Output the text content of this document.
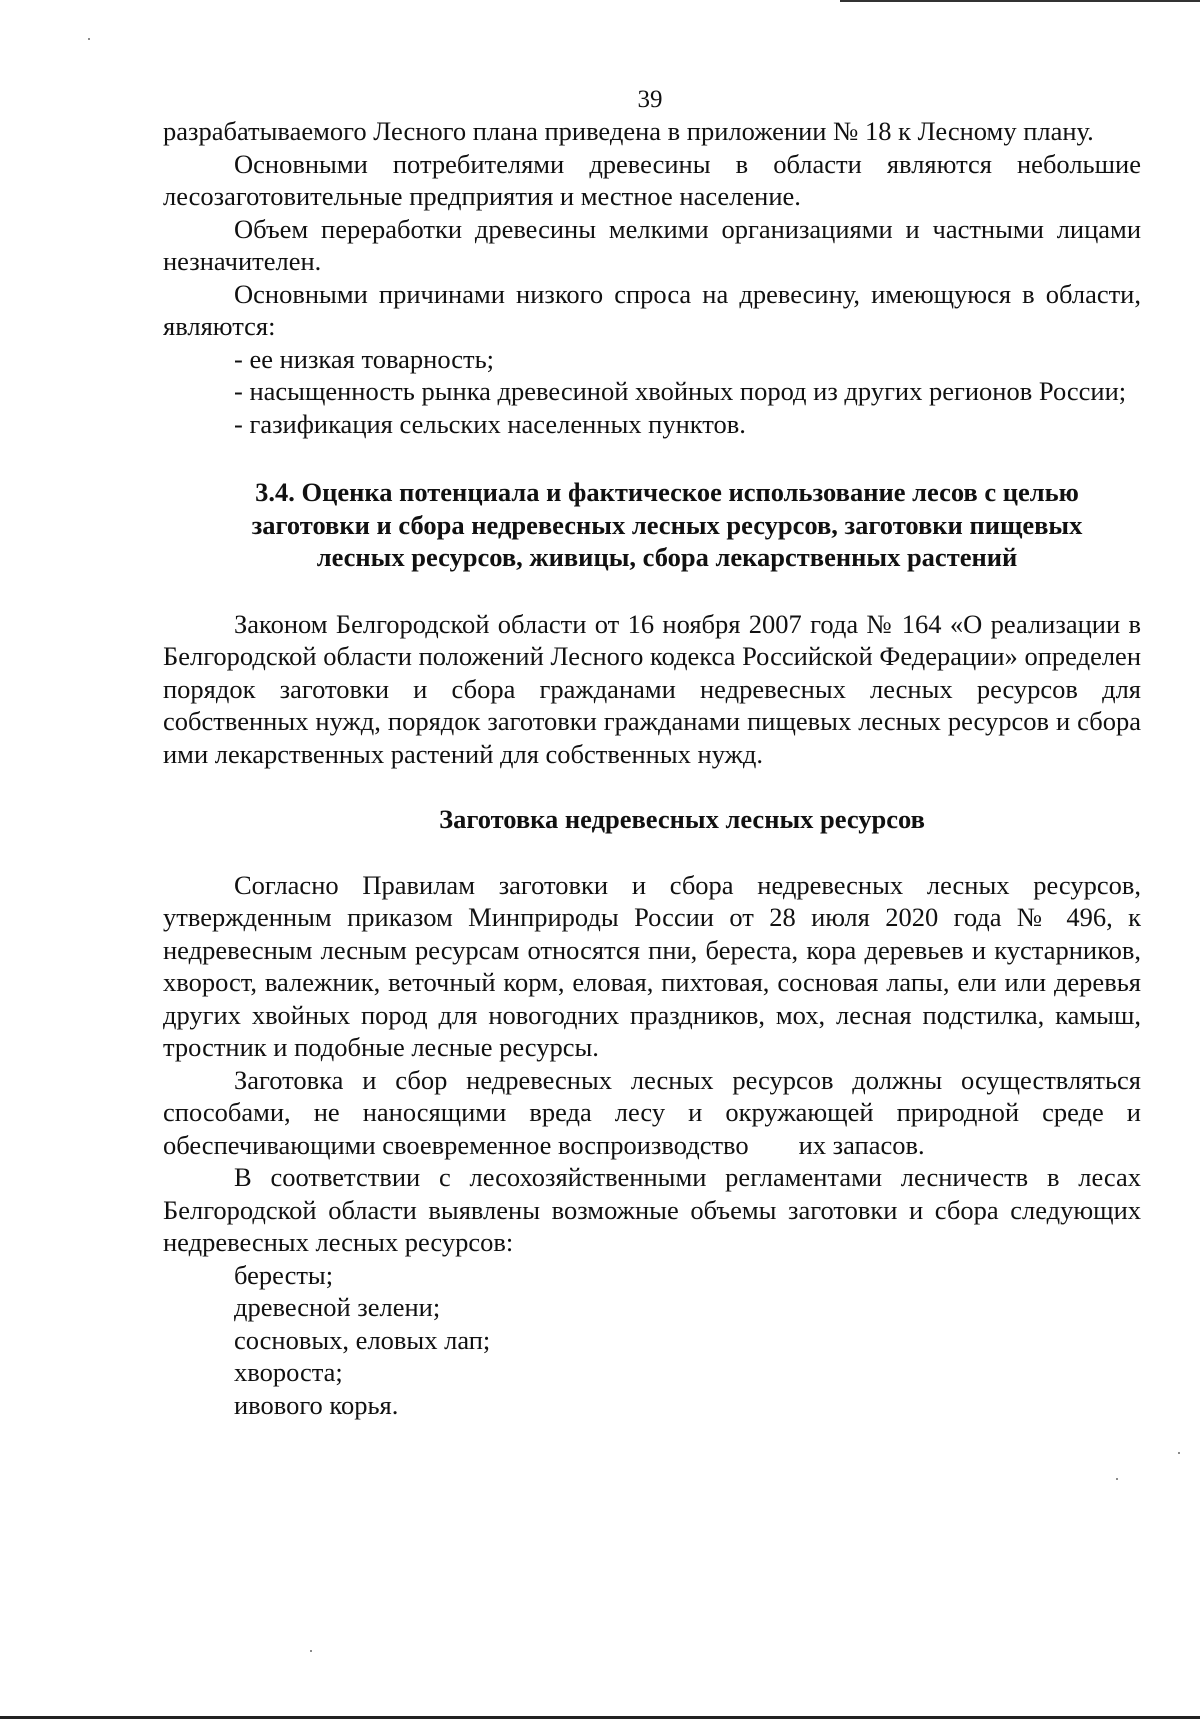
39

разрабатываемого Лесного плана приведена в приложении № 18 к Лесному плану.

Основными потребителями древесины в области являются небольшие лесозаготовительные предприятия и местное население.

Объем переработки древесины мелкими организациями и частными лицами незначителен.

Основными причинами низкого спроса на древесину, имеющуюся в области, являются:

- ее низкая товарность;

- насыщенность рынка древесиной хвойных пород из других регионов России;

- газификация сельских населенных пунктов.

3.4. Оценка потенциала и фактическое использование лесов с целью
заготовки и сбора недревесных лесных ресурсов, заготовки пищевых
лесных ресурсов, живицы, сбора лекарственных растений

Законом Белгородской области от 16 ноября 2007 года № 164 «О реализации в Белгородской области положений Лесного кодекса Российской Федерации» определен порядок заготовки и сбора гражданами недревесных лесных ресурсов для собственных нужд, порядок заготовки гражданами пищевых лесных ресурсов и сбора ими лекарственных растений для собственных нужд.

Заготовка недревесных лесных ресурсов

Согласно Правилам заготовки и сбора недревесных лесных ресурсов, утвержденным приказом Минприроды России от 28 июля 2020 года № 496, к недревесным лесным ресурсам относятся пни, береста, кора деревьев и кустарников, хворост, валежник, веточный корм, еловая, пихтовая, сосновая лапы, ели или деревья других хвойных пород для новогодних праздников, мох, лесная подстилка, камыш, тростник и подобные лесные ресурсы.

Заготовка и сбор недревесных лесных ресурсов должны осуществляться способами, не наносящими вреда лесу и окружающей природной среде и обеспечивающими своевременное воспроизводство их запасов.

В соответствии с лесохозяйственными регламентами лесничеств в лесах Белгородской области выявлены возможные объемы заготовки и сбора следующих недревесных лесных ресурсов:

бересты;

древесной зелени;

сосновых, еловых лап;

хвороста;

ивового корья.
